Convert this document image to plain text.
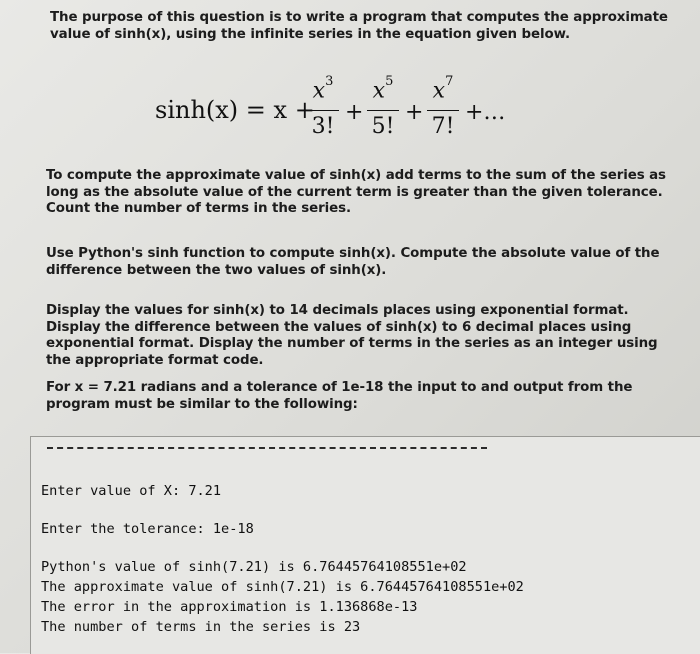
The purpose of this question is to write a program that computes the approximate value of sinh(x), using the infinite series in the equation given below.
sinh(x) = x +
$x^3$
3!
+
$x^5$
5!
+
$x^7$
7!
+…
To compute the approximate value of sinh(x) add terms to the sum of the series as long as the absolute value of the current term is greater than the given tolerance. Count the number of terms in the series.
Use Python's sinh function to compute sinh(x). Compute the absolute value of the difference between the two values of sinh(x).
Display the values for sinh(x) to 14 decimals places using exponential format. Display the difference between the values of sinh(x) to 6 decimal places using exponential format. Display the number of terms in the series as an integer using the appropriate format code.
For x = 7.21 radians and a tolerance of 1e-18 the input to and output from the program must be similar to the following:
Enter value of X: 7.21
Enter the tolerance: 1e-18
Python's value of sinh(7.21) is 6.76445764108551e+02
The approximate value of sinh(7.21) is 6.76445764108551e+02
The error in the approximation is 1.136868e-13
The number of terms in the series is 23
